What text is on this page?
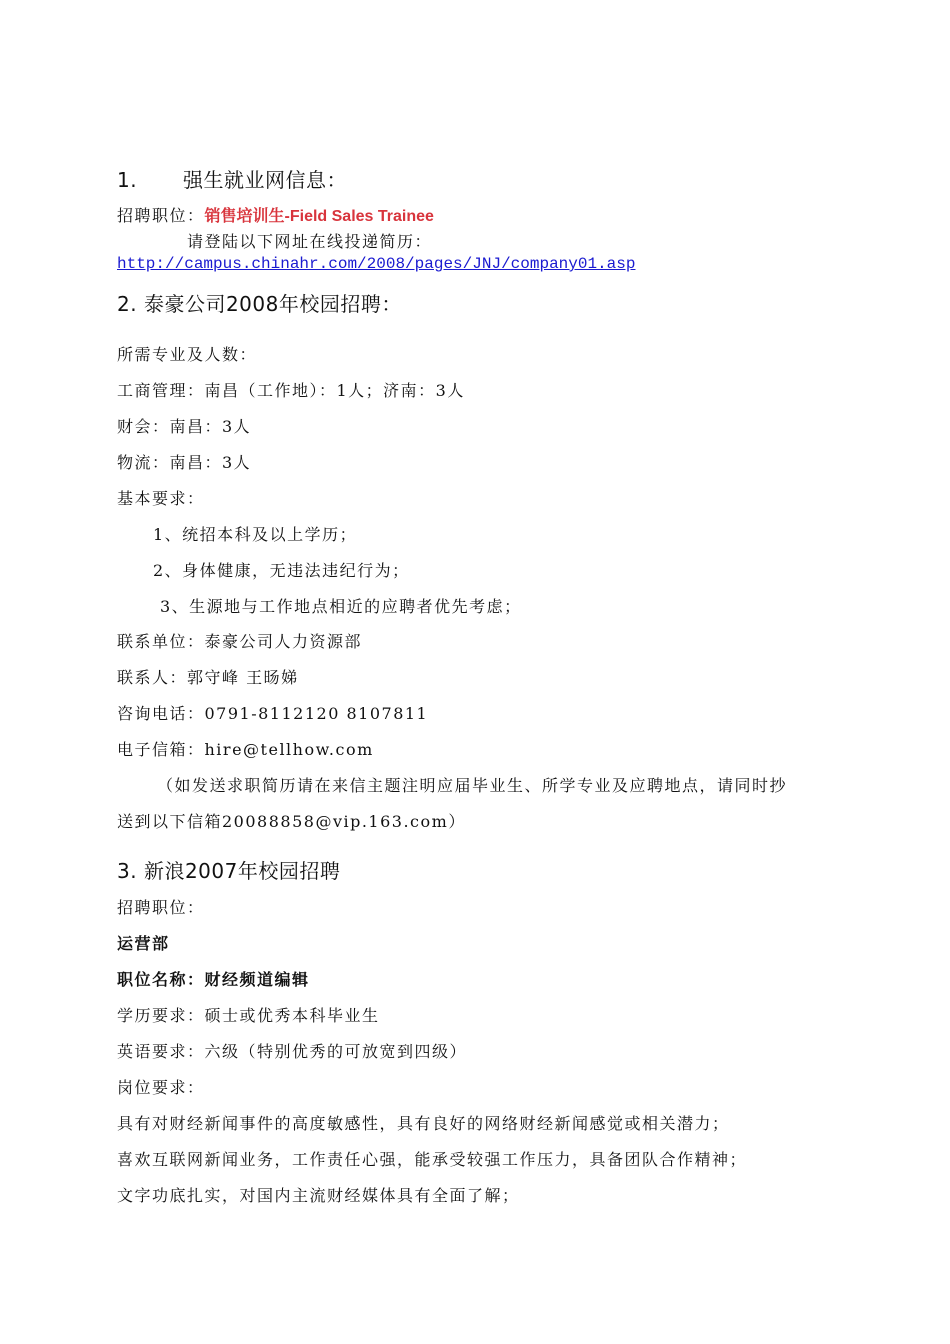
1. 强生就业网信息：
招聘职位：销售培训生-Field Sales Trainee
请登陆以下网址在线投递简历：
http://campus.chinahr.com/2008/pages/JNJ/company01.asp
2. 泰豪公司2008年校园招聘：
所需专业及人数：
工商管理：南昌（工作地）：1人；济南：3人
财会：南昌：3人
物流：南昌：3人
基本要求：
1、统招本科及以上学历；
2、身体健康，无违法违纪行为；
3、生源地与工作地点相近的应聘者优先考虑；
联系单位：泰豪公司人力资源部
联系人：郭守峰 王旸娣
咨询电话：0791-8112120 8107811
电子信箱：hire@tellhow.com
（如发送求职简历请在来信主题注明应届毕业生、所学专业及应聘地点，请同时抄
送到以下信箱20088858@vip.163.com）
3. 新浪2007年校园招聘
招聘职位：
运营部
职位名称：财经频道编辑
学历要求：硕士或优秀本科毕业生
英语要求：六级（特别优秀的可放宽到四级）
岗位要求：
具有对财经新闻事件的高度敏感性，具有良好的网络财经新闻感觉或相关潜力；
喜欢互联网新闻业务，工作责任心强，能承受较强工作压力，具备团队合作精神；
文字功底扎实，对国内主流财经媒体具有全面了解；
